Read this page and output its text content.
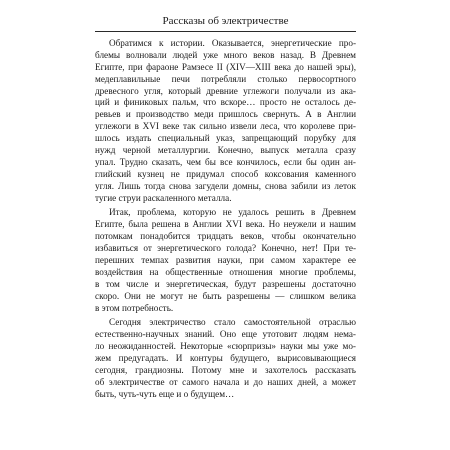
Рассказы об электричестве
Обратимся к истории. Оказывается, энергетические про-
блемы волновали людей уже много веков назад. В Древнем
Египте, при фараоне Рамзесе II (XIV—XIII века до нашей эры),
медеплавильные печи потребляли столько первосортного
древесного угля, который древние углежоги получали из ака-
ций и финиковых пальм, что вскоре… просто не осталось де-
ревьев и производство меди пришлось свернуть. А в Англии
углежоги в XVI веке так сильно извели леса, что королеве при-
шлось издать специальный указ, запрещающий порубку для
нужд черной металлургии. Конечно, выпуск металла сразу
упал. Трудно сказать, чем бы все кончилось, если бы один ан-
глийский кузнец не придумал способ коксования каменного
угля. Лишь тогда снова загудели домны, снова забили из леток
тугие струи раскаленного металла.
Итак, проблема, которую не удалось решить в Древнем
Египте, была решена в Англии XVI века. Но неужели и нашим
потомкам понадобится тридцать веков, чтобы окончательно
избавиться от энергетического голода? Конечно, нет! При те-
перешних темпах развития науки, при самом характере ее
воздействия на общественные отношения многие проблемы,
в том числе и энергетическая, будут разрешены достаточно
скоро. Они не могут не быть разрешены — слишком велика
в этом потребность.
Сегодня электричество стало самостоятельной отраслью
естественно-научных знаний. Оно еще утотовит людям нема-
ло неожиданностей. Некоторые «сюрпризы» науки мы уже мо-
жем предугадать. И контуры будущего, вырисовывающиеся
сегодня, грандиозны. Потому мне и захотелось рассказать
об электричестве от самого начала и до наших дней, а может
быть, чуть-чуть еще и о будущем…
